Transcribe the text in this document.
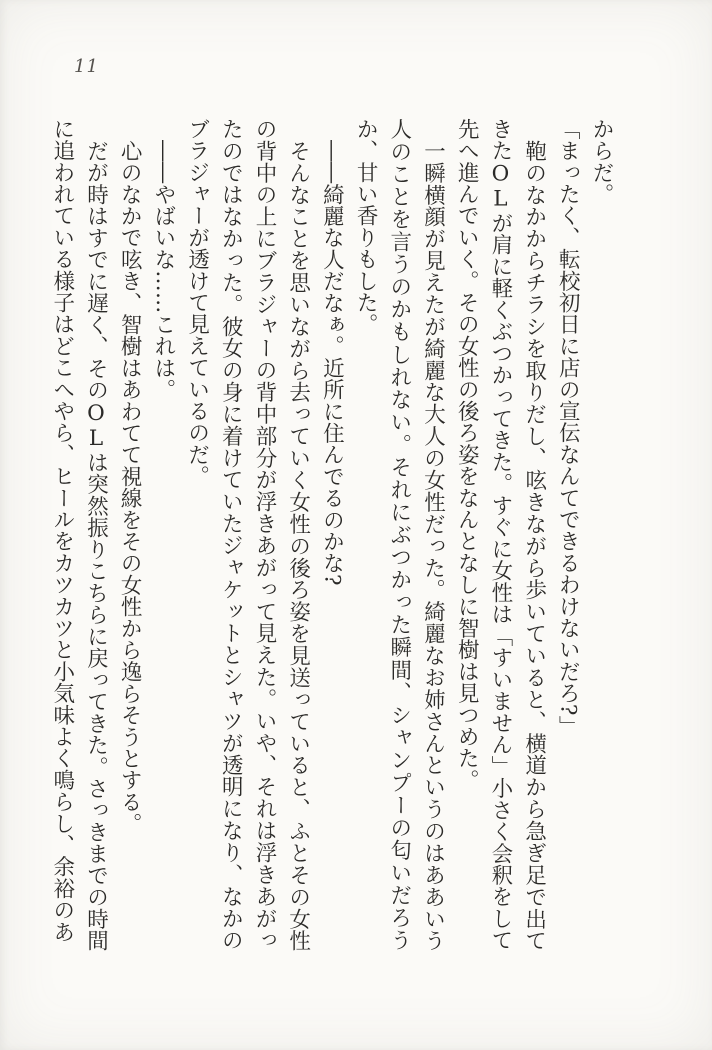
11

からだ。

「まったく、転校初日に店の宣伝なんてできるわけないだろ?」

鞄のなかからチラシを取りだし、呟きながら歩いていると、横道から急ぎ足で出てきたOLが肩に軽くぶつかってきた。すぐに女性は「すいません」小さく会釈をして先へ進んでいく。その女性の後ろ姿をなんとなしに智樹は見つめた。

一瞬横顔が見えたが綺麗な大人の女性だった。綺麗なお姉さんというのはああいう人のことを言うのかもしれない。それにぶつかった瞬間、シャンプーの匂いだろうか、甘い香りもした。

――綺麗な人だなぁ。近所に住んでるのかな?

そんなことを思いながら去っていく女性の後ろ姿を見送っていると、ふとその女性の背中の上にブラジャーの背中部分が浮きあがって見えた。いや、それは浮きあがったのではなかった。彼女の身に着けていたジャケットとシャツが透明になり、なかのブラジャーが透けて見えているのだ。

――やばいな……これは。

心のなかで呟き、智樹はあわてて視線をその女性から逸らそうとする。

だが時はすでに遅く、そのOLは突然振りこちらに戻ってきた。さっきまでの時間に追われている様子はどこへやら、ヒールをカツカツと小気味よく鳴らし、余裕のあ
